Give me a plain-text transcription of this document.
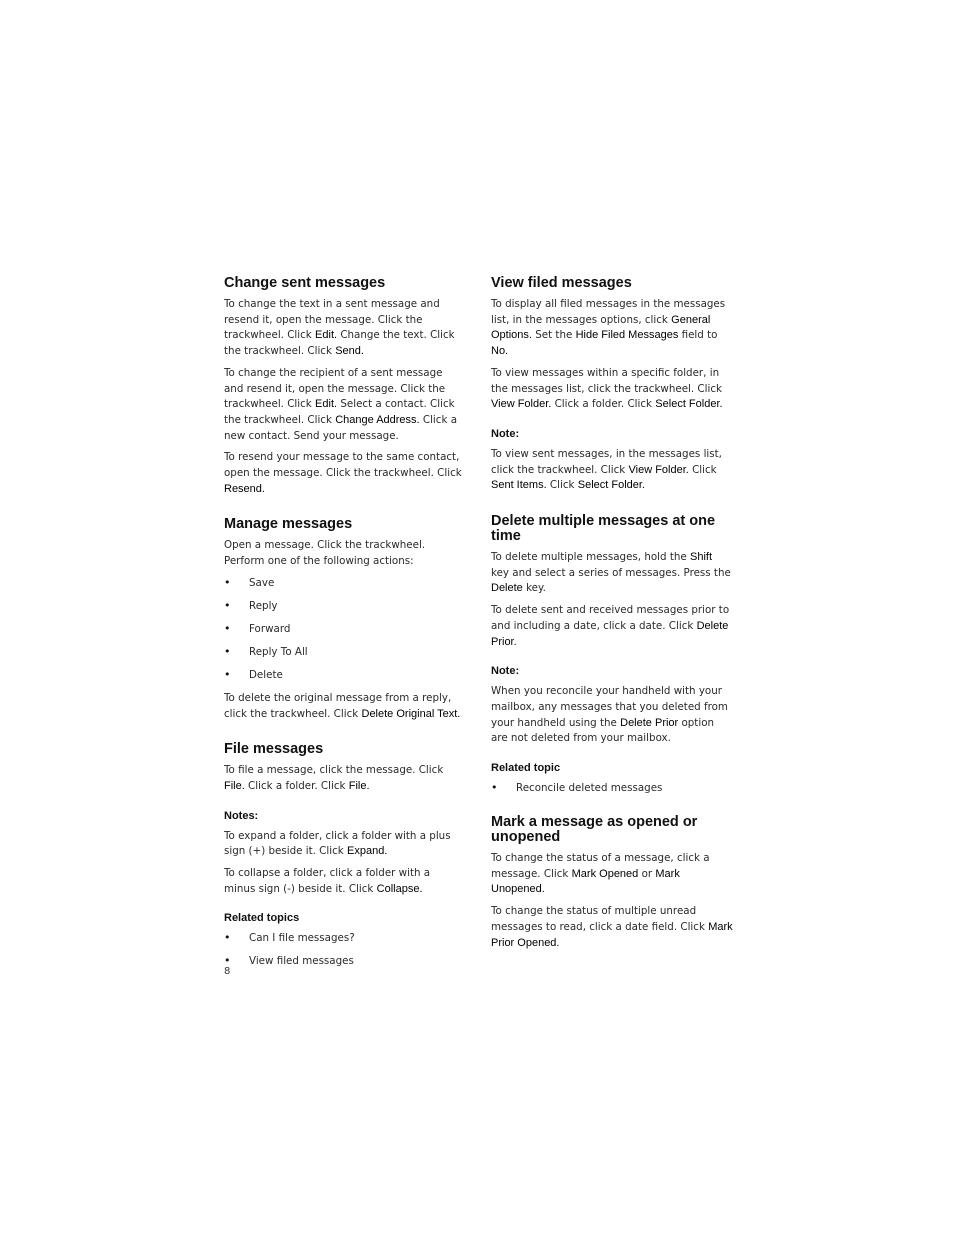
Change sent messages

To change the text in a sent message and resend it, open the message. Click the trackwheel. Click Edit. Change the text. Click the trackwheel. Click Send.

To change the recipient of a sent message and resend it, open the message. Click the trackwheel. Click Edit. Select a contact. Click the trackwheel. Click Change Address. Click a new contact. Send your message.

To resend your message to the same contact, open the message. Click the trackwheel. Click Resend.

Manage messages

Open a message. Click the trackwheel. Perform one of the following actions:

• Save
• Reply
• Forward
• Reply To All
• Delete

To delete the original message from a reply, click the trackwheel. Click Delete Original Text.

File messages

To file a message, click the message. Click File. Click a folder. Click File.

Notes:

To expand a folder, click a folder with a plus sign (+) beside it. Click Expand.

To collapse a folder, click a folder with a minus sign (-) beside it. Click Collapse.

Related topics
• Can I file messages?
• View filed messages
View filed messages

To display all filed messages in the messages list, in the messages options, click General Options. Set the Hide Filed Messages field to No.

To view messages within a specific folder, in the messages list, click the trackwheel. Click View Folder. Click a folder. Click Select Folder.

Note:

To view sent messages, in the messages list, click the trackwheel. Click View Folder. Click Sent Items. Click Select Folder.

Delete multiple messages at one time

To delete multiple messages, hold the Shift key and select a series of messages. Press the Delete key.

To delete sent and received messages prior to and including a date, click a date. Click Delete Prior.

Note:

When you reconcile your handheld with your mailbox, any messages that you deleted from your handheld using the Delete Prior option are not deleted from your mailbox.

Related topic
• Reconcile deleted messages
Mark a message as opened or unopened

To change the status of a message, click a message. Click Mark Opened or Mark Unopened.

To change the status of multiple unread messages to read, click a date field. Click Mark Prior Opened.

8
